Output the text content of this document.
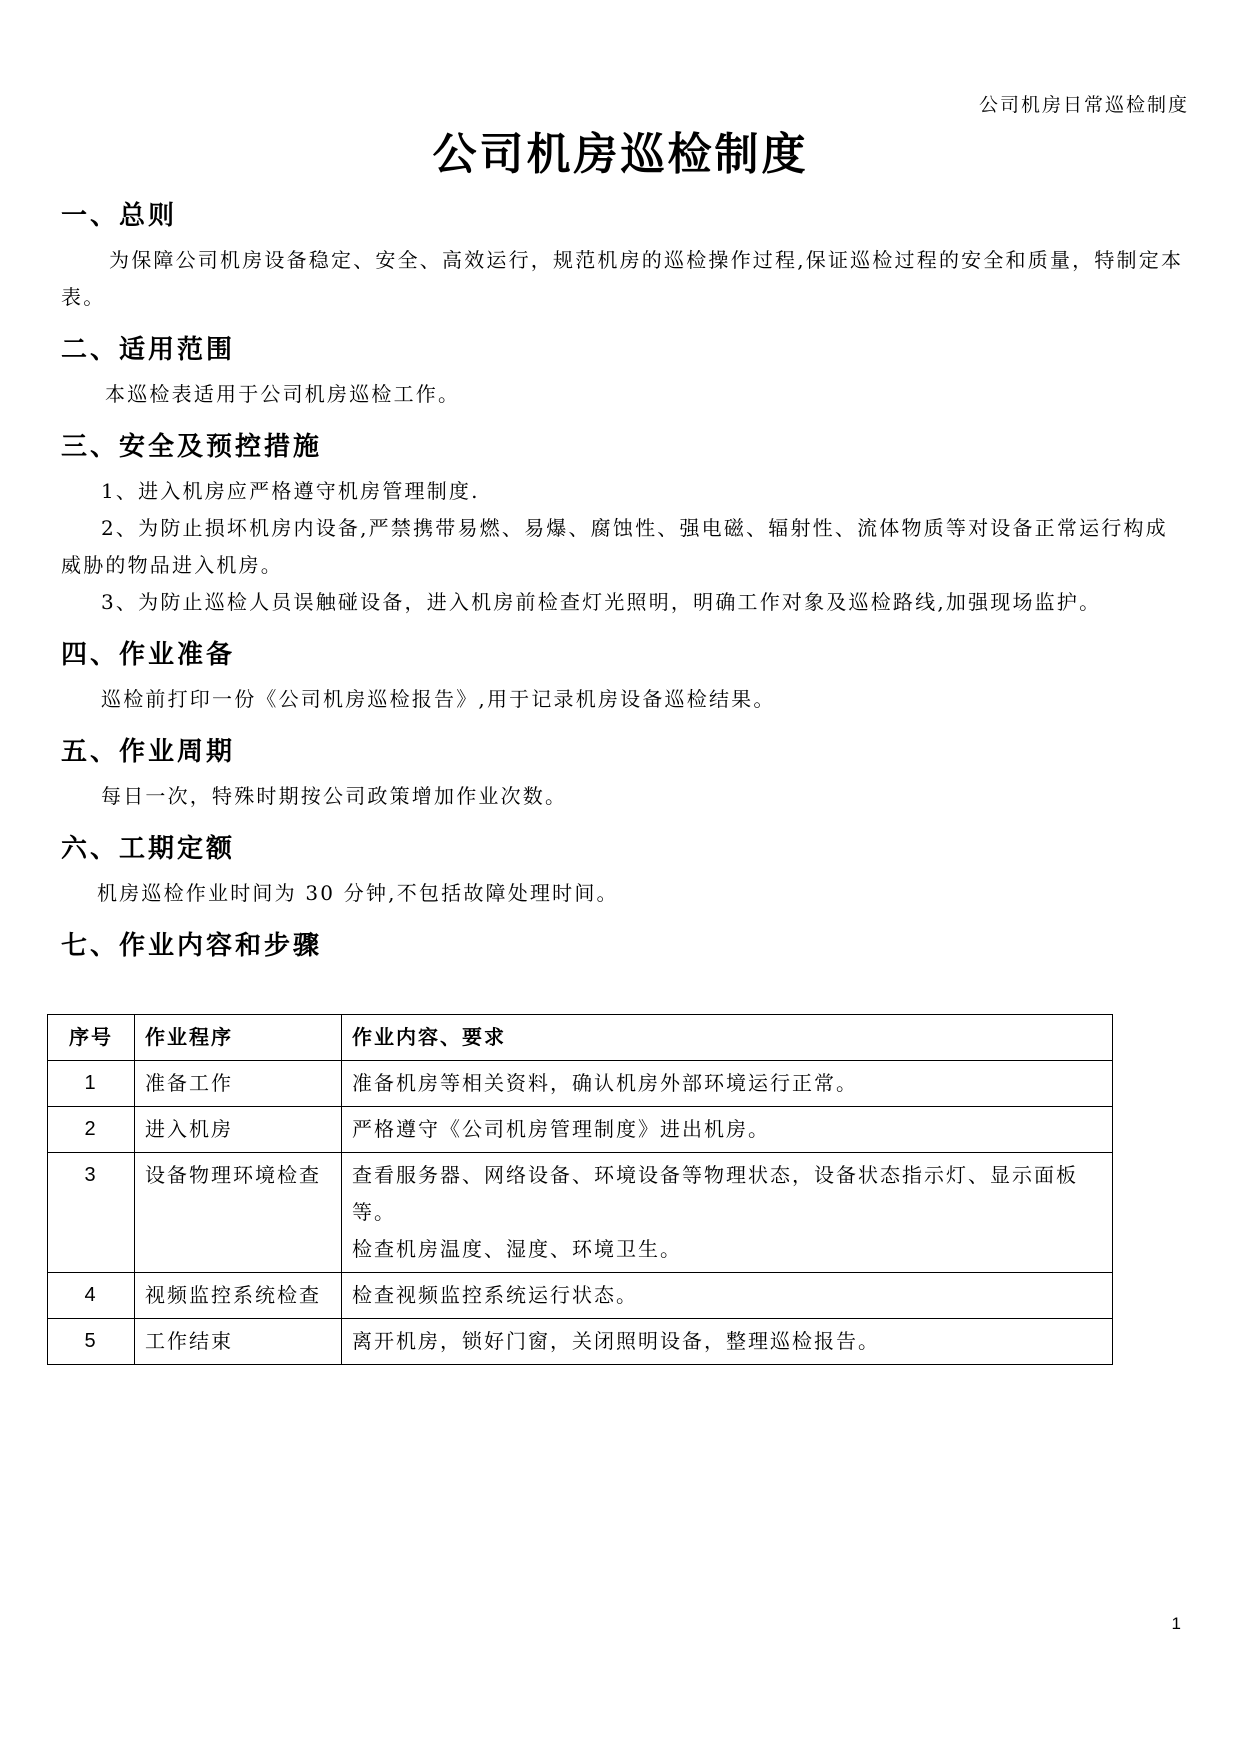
公司机房日常巡检制度
公司机房巡检制度
一、总则

为保障公司机房设备稳定、安全、高效运行，规范机房的巡检操作过程,保证巡检过程的安全和质量，特制定本表。

二、适用范围

本巡检表适用于公司机房巡检工作。

三、安全及预控措施

1、进入机房应严格遵守机房管理制度.

2、为防止损坏机房内设备,严禁携带易燃、易爆、腐蚀性、强电磁、辐射性、流体物质等对设备正常运行构成威胁的物品进入机房。

3、为防止巡检人员误触碰设备，进入机房前检查灯光照明，明确工作对象及巡检路线,加强现场监护。

四、作业准备

巡检前打印一份《公司机房巡检报告》,用于记录机房设备巡检结果。

五、作业周期

每日一次，特殊时期按公司政策增加作业次数。

六、工期定额

机房巡检作业时间为 30 分钟,不包括故障处理时间。

七、作业内容和步骤
序号	作业程序	作业内容、要求
1	准备工作	准备机房等相关资料，确认机房外部环境运行正常。

2	进入机房	严格遵守《公司机房管理制度》进出机房。

3	设备物理环境检查	查看服务器、网络设备、环境设备等物理状态，设备状态指示灯、显示面板等。
检查机房温度、湿度、环境卫生。

4	视频监控系统检查	检查视频监控系统运行状态。

5	工作结束	离开机房，锁好门窗，关闭照明设备，整理巡检报告。
1
